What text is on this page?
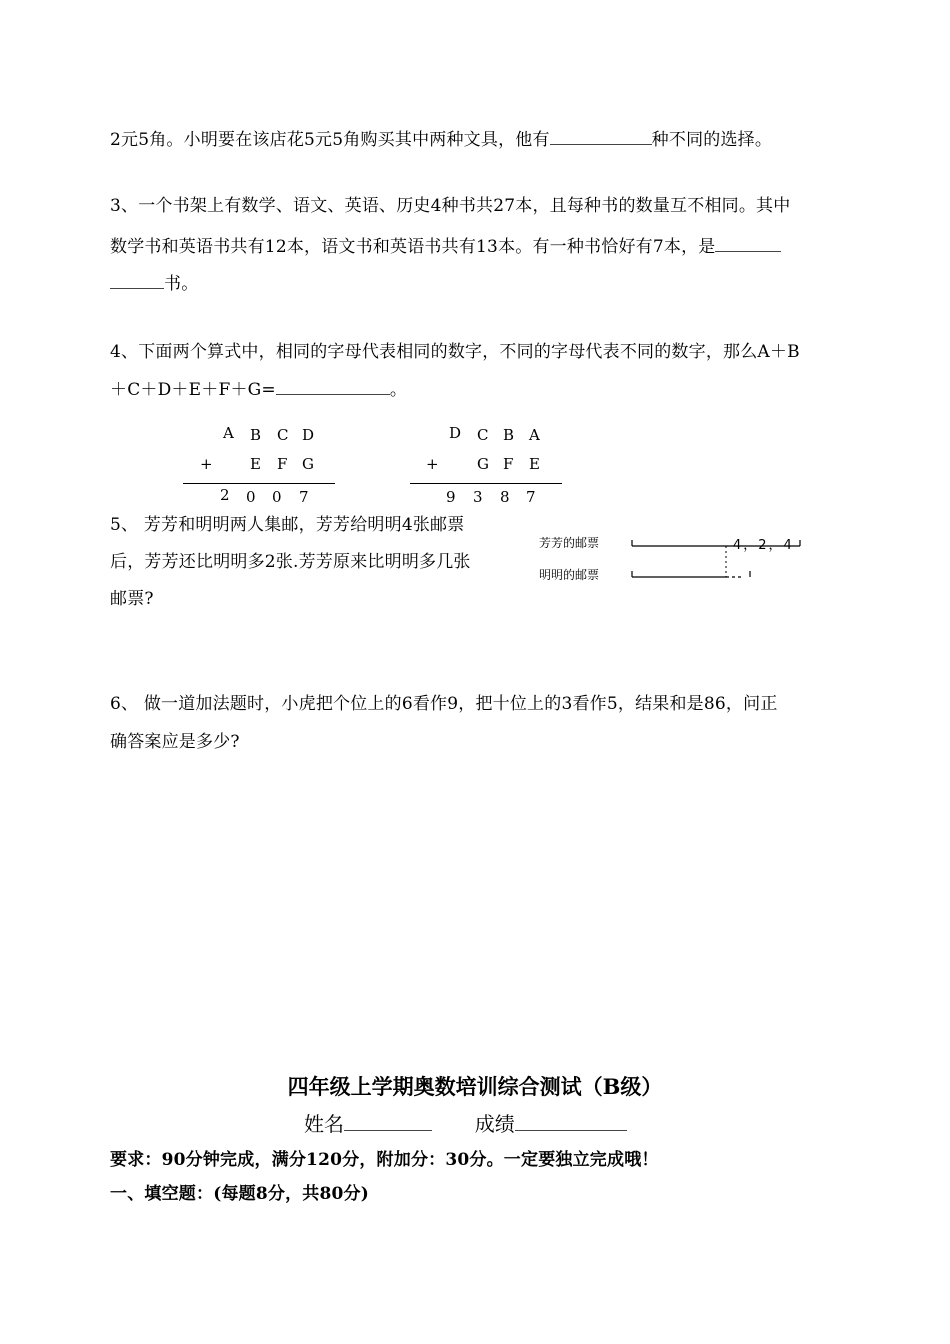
2元5角。小明要在该店花5元5角购买其中两种文具，他有	种不同的选择。
3、一个书架上有数学、语文、英语、历史4种书共27本，且每种书的数量互不相同。其中
数学书和英语书共有12本，语文书和英语书共有13本。有一种书恰好有7本，是
书。
4、下面两个算式中，相同的字母代表相同的数字，不同的字母代表不同的数字，那么A＋B
＋C＋D＋E＋F＋G=	。
A B C D
+ E F G
2 0 0 7
D C B A
+	G F E
9 3 8 7
5、 芳芳和明明两人集邮，芳芳给明明4张邮票
后，芳芳还比明明多2张.芳芳原来比明明多几张
邮票?
芳芳的邮票
明明的邮票
4，2，4
6、 做一道加法题时，小虎把个位上的6看作9，把十位上的3看作5，结果和是86，问正
确答案应是多少?
四年级上学期奥数培训综合测试（B级）
姓名	成绩
要求：90分钟完成，满分120分，附加分：30分。一定要独立完成哦！
一、填空题：(每题8分，共80分)
